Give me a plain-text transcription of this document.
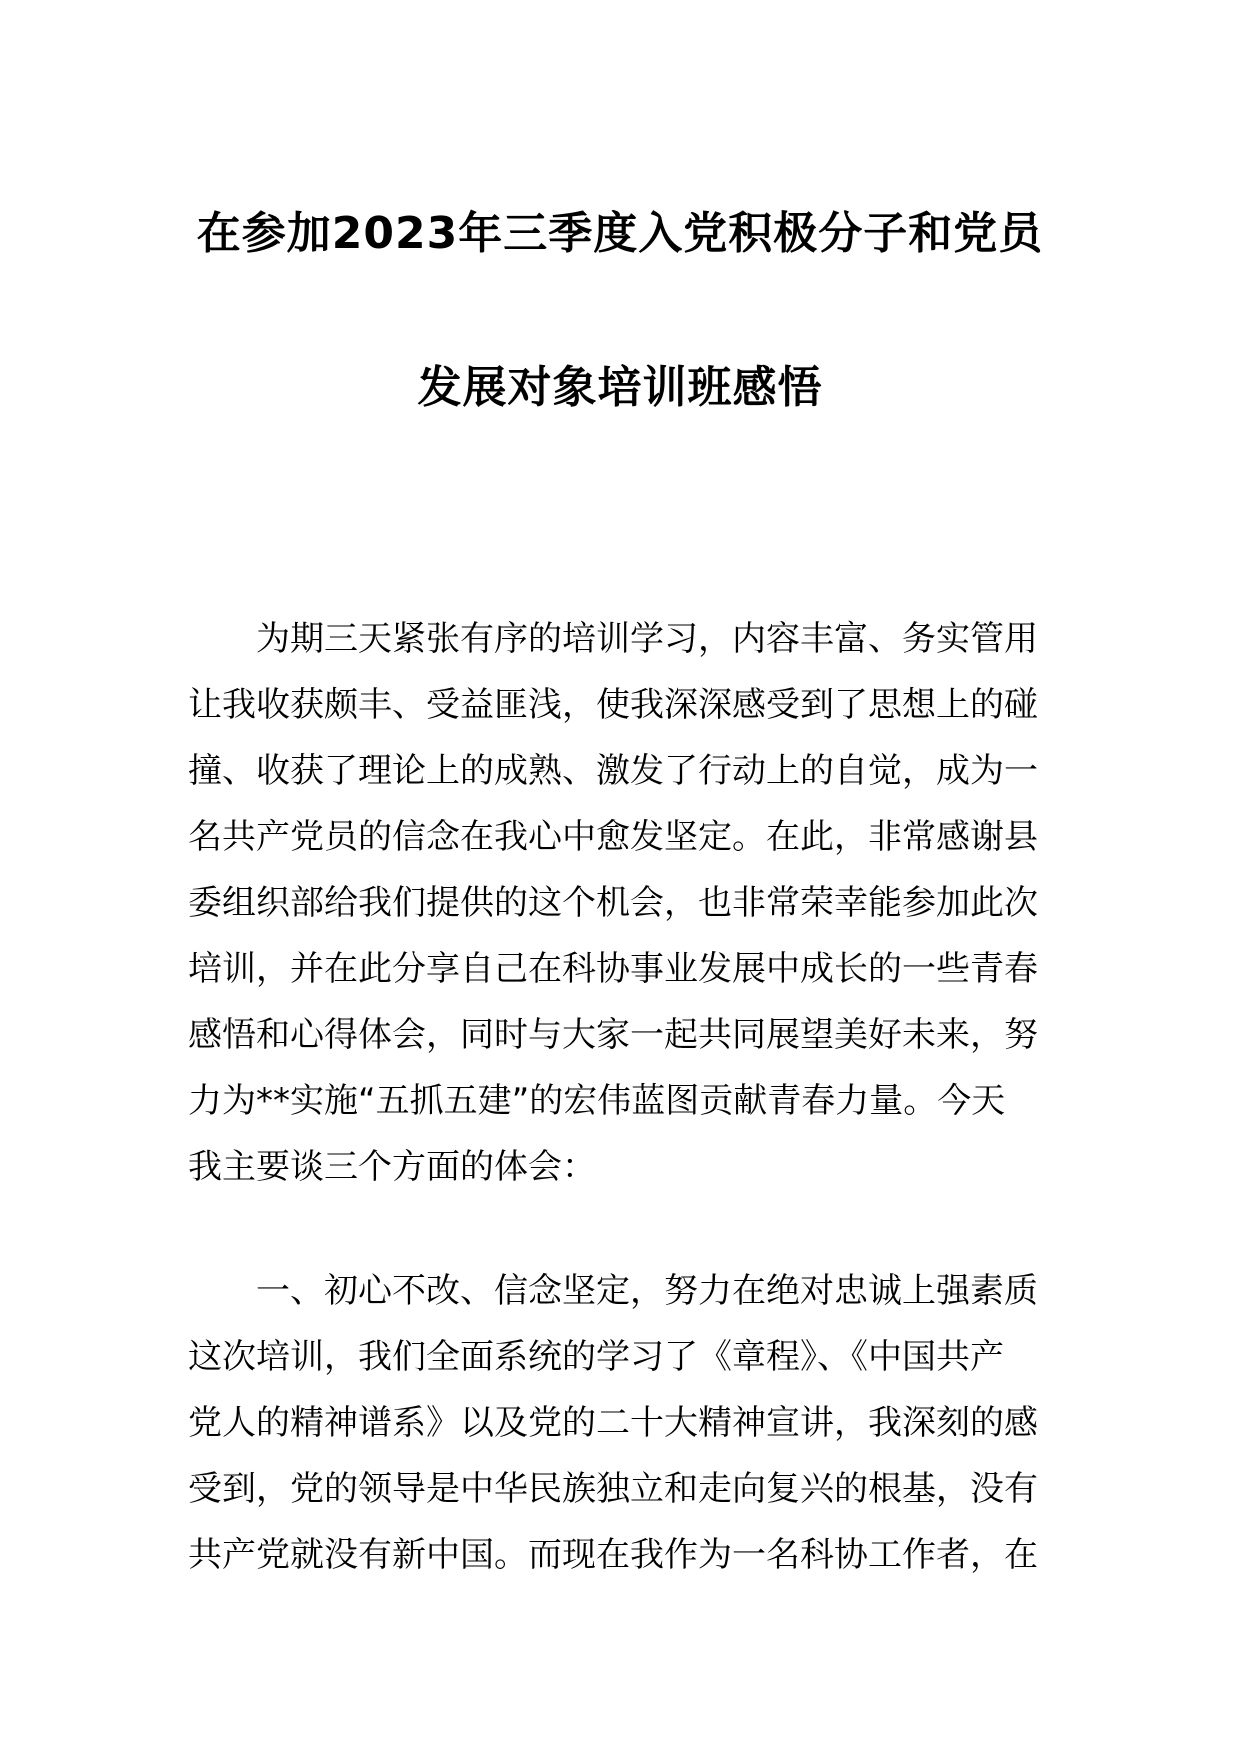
在参加2023年三季度入党积极分子和党员
发展对象培训班感悟
为期三天紧张有序的培训学习，内容丰富、务实管用
让我收获颇丰、受益匪浅，使我深深感受到了思想上的碰
撞、收获了理论上的成熟、激发了行动上的自觉，成为一
名共产党员的信念在我心中愈发坚定。在此，非常感谢县
委组织部给我们提供的这个机会，也非常荣幸能参加此次
培训，并在此分享自己在科协事业发展中成长的一些青春
感悟和心得体会，同时与大家一起共同展望美好未来，努
力为**实施“五抓五建”的宏伟蓝图贡献青春力量。今天
我主要谈三个方面的体会：
一、初心不改、信念坚定，努力在绝对忠诚上强素质
这次培训，我们全面系统的学习了《章程》、《中国共产
党人的精神谱系》以及党的二十大精神宣讲，我深刻的感
受到，党的领导是中华民族独立和走向复兴的根基，没有
共产党就没有新中国。而现在我作为一名科协工作者，在
